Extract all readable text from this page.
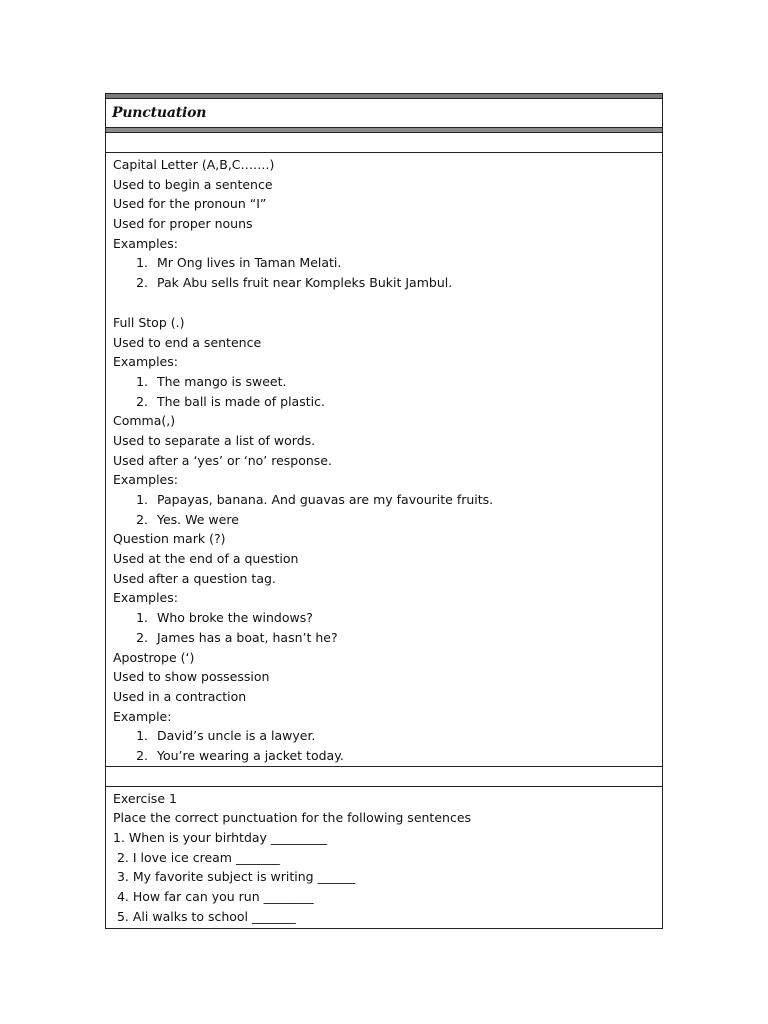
Punctuation
Capital Letter (A,B,C…….)
Used to begin a sentence
Used for the pronoun “I”
Used for proper nouns
Examples:
1. Mr Ong lives in Taman Melati.
2. Pak Abu sells fruit near Kompleks Bukit Jambul.
Full Stop (.)
Used to end a sentence
Examples:
1. The mango is sweet.
2. The ball is made of plastic.
Comma(,)
Used to separate a list of words.
Used after a ‘yes’ or ‘no’ response.
Examples:
1. Papayas, banana. And guavas are my favourite fruits.
2. Yes. We were
Question mark (?)
Used at the end of a question
Used after a question tag.
Examples:
1. Who broke the windows?
2. James has a boat, hasn’t he?
Apostrope (‘)
Used to show possession
Used in a contraction
Example:
1. David’s uncle is a lawyer.
2. You’re wearing a jacket today.
Exercise 1
Place the correct punctuation for the following sentences
1. When is your birhtday _________
2. I love ice cream _______
3. My favorite subject is writing ______
4. How far can you run ________
5. Ali walks to school _______
